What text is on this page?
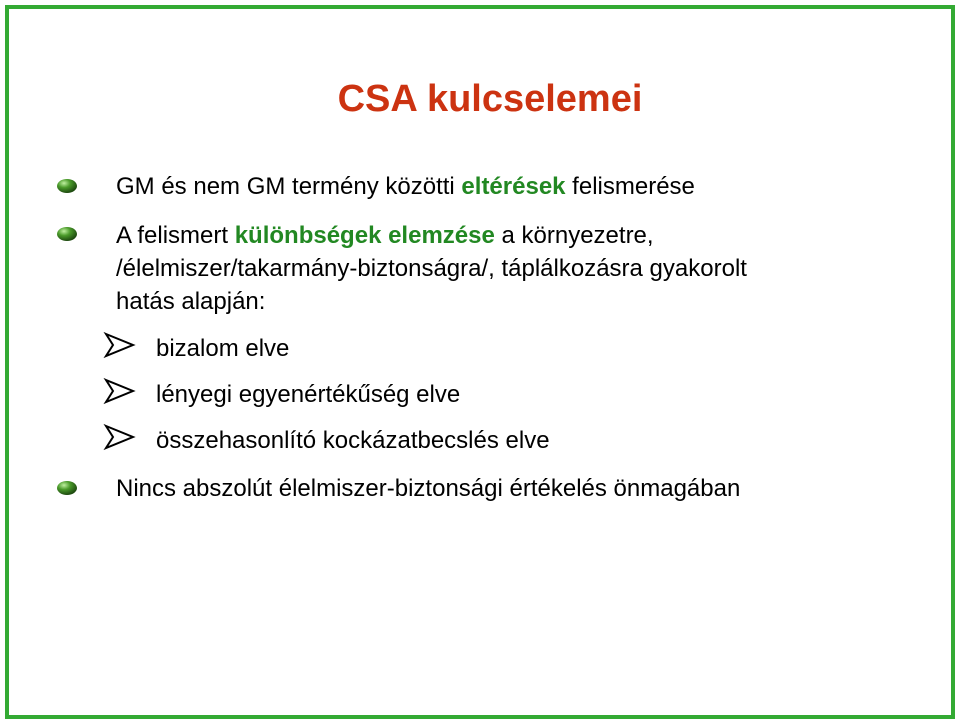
CSA kulcselemei
GM és nem GM termény közötti eltérések felismerése
A felismert különbségek elemzése a környezetre,
/élelmiszer/takarmány-biztonságra/, táplálkozásra gyakorolt
hatás alapján:
bizalom elve
lényegi egyenértékűség elve
összehasonlító kockázatbecslés elve
Nincs abszolút élelmiszer-biztonsági értékelés önmagában
